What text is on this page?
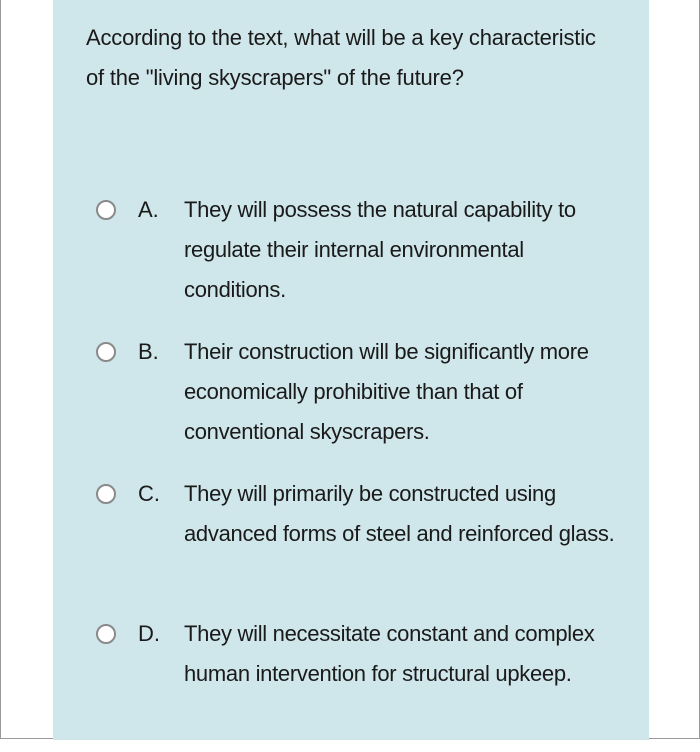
According to the text, what will be a key characteristic of the "living skyscrapers" of the future?

A. They will possess the natural capability to regulate their internal environmental conditions.
B. Their construction will be significantly more economically prohibitive than that of conventional skyscrapers.
C. They will primarily be constructed using advanced forms of steel and reinforced glass.
D. They will necessitate constant and complex human intervention for structural upkeep.
